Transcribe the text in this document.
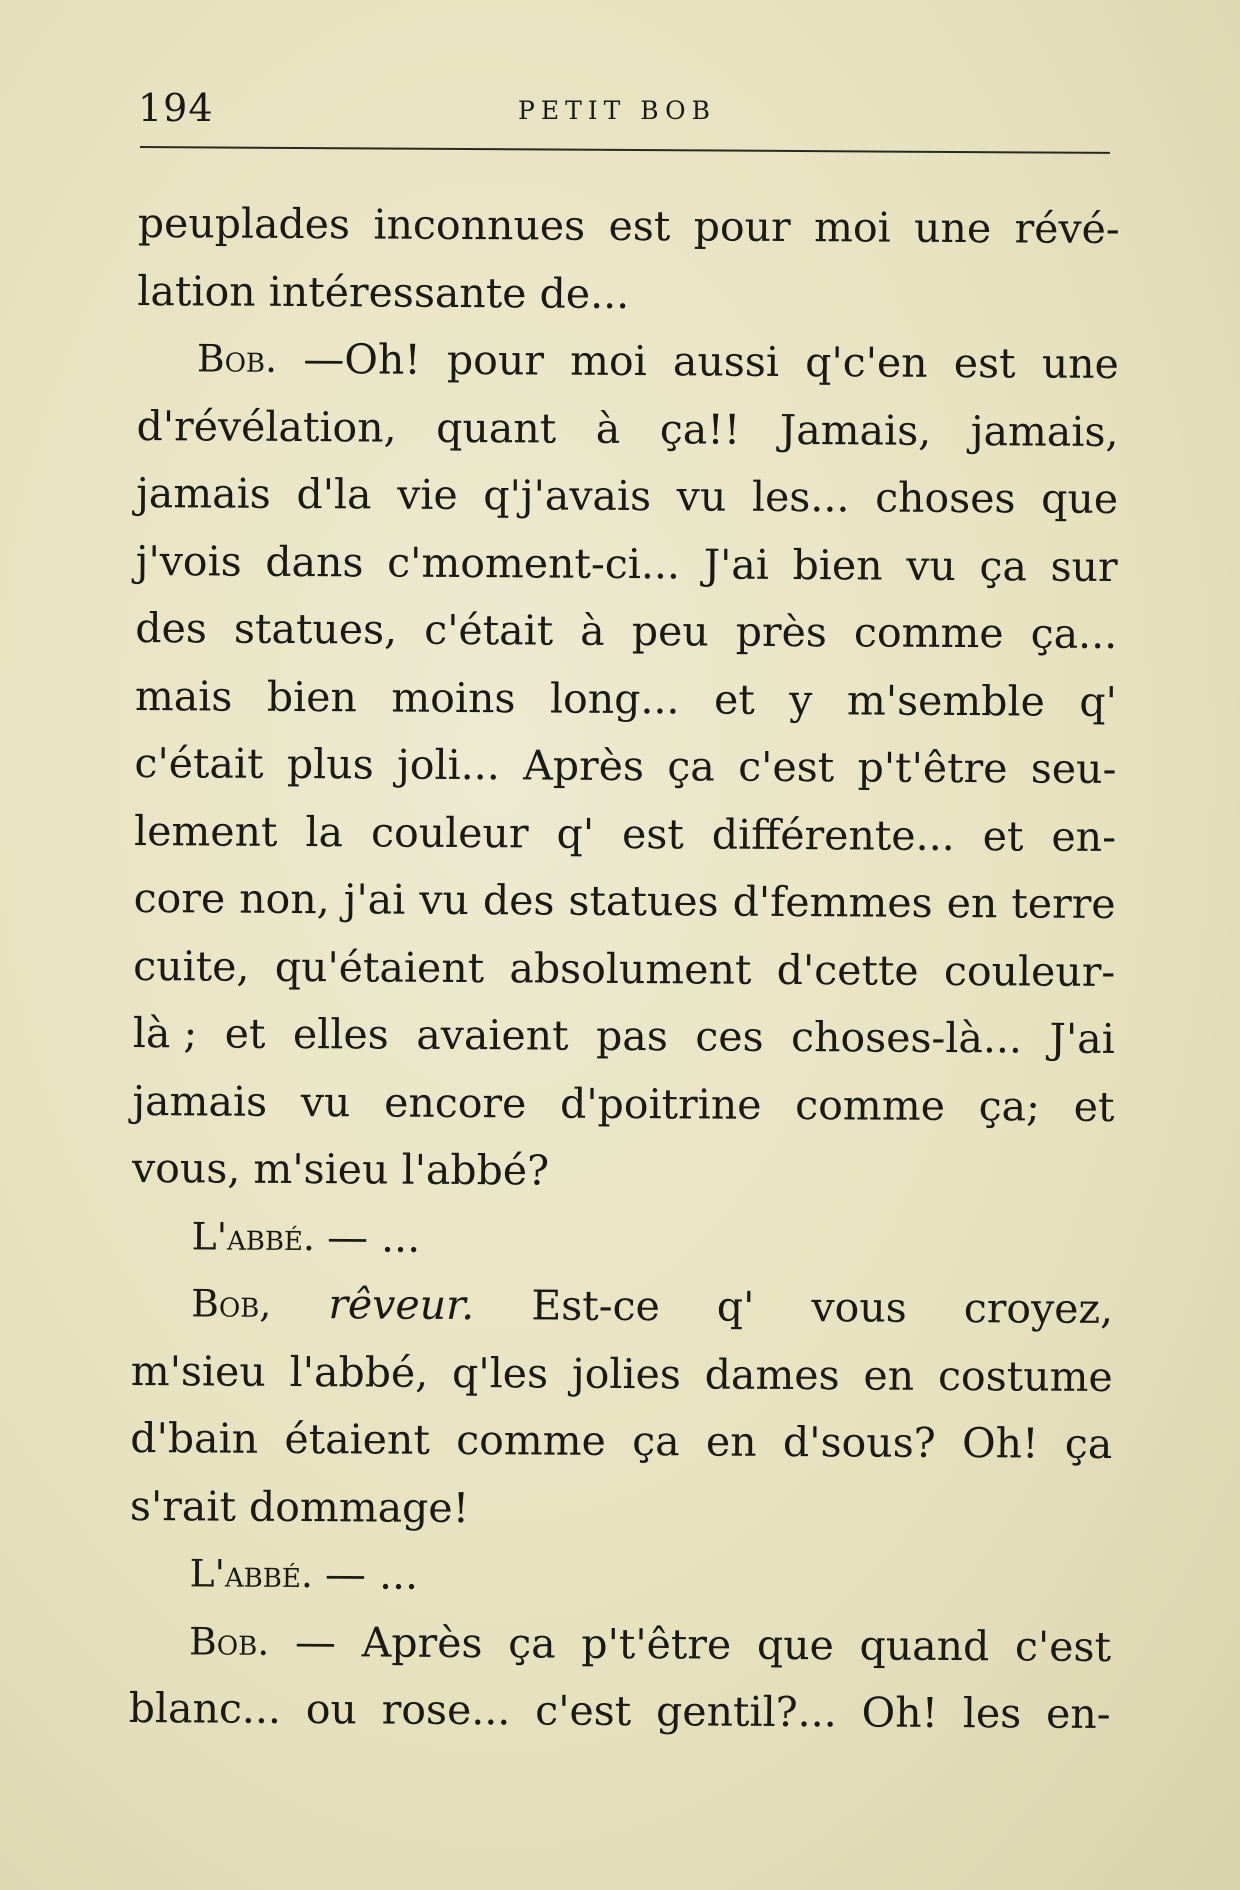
194	PETIT BOB
peuplades inconnues est pour moi une révé-
lation intéressante de...
Bob. —Oh! pour moi aussi q'c'en est une
d'révélation, quant à ça!! Jamais, jamais,
jamais d'la vie q'j'avais vu les... choses que
j'vois dans c'moment-ci... J'ai bien vu ça sur
des statues, c'était à peu près comme ça...
mais bien moins long... et y m'semble q'
c'était plus joli... Après ça c'est p't'être seu-
lement la couleur q' est différente... et en-
core non, j'ai vu des statues d'femmes en terre
cuite, qu'étaient absolument d'cette couleur-
là ; et elles avaient pas ces choses-là... J'ai
jamais vu encore d'poitrine comme ça; et
vous, m'sieu l'abbé?
L'abbé. — ...
Bob, rêveur. Est-ce q' vous croyez,
m'sieu l'abbé, q'les jolies dames en costume
d'bain étaient comme ça en d'sous? Oh! ça
s'rait dommage!
L'abbé. — ...
Bob. — Après ça p't'être que quand c'est
blanc... ou rose... c'est gentil?... Oh! les en-
